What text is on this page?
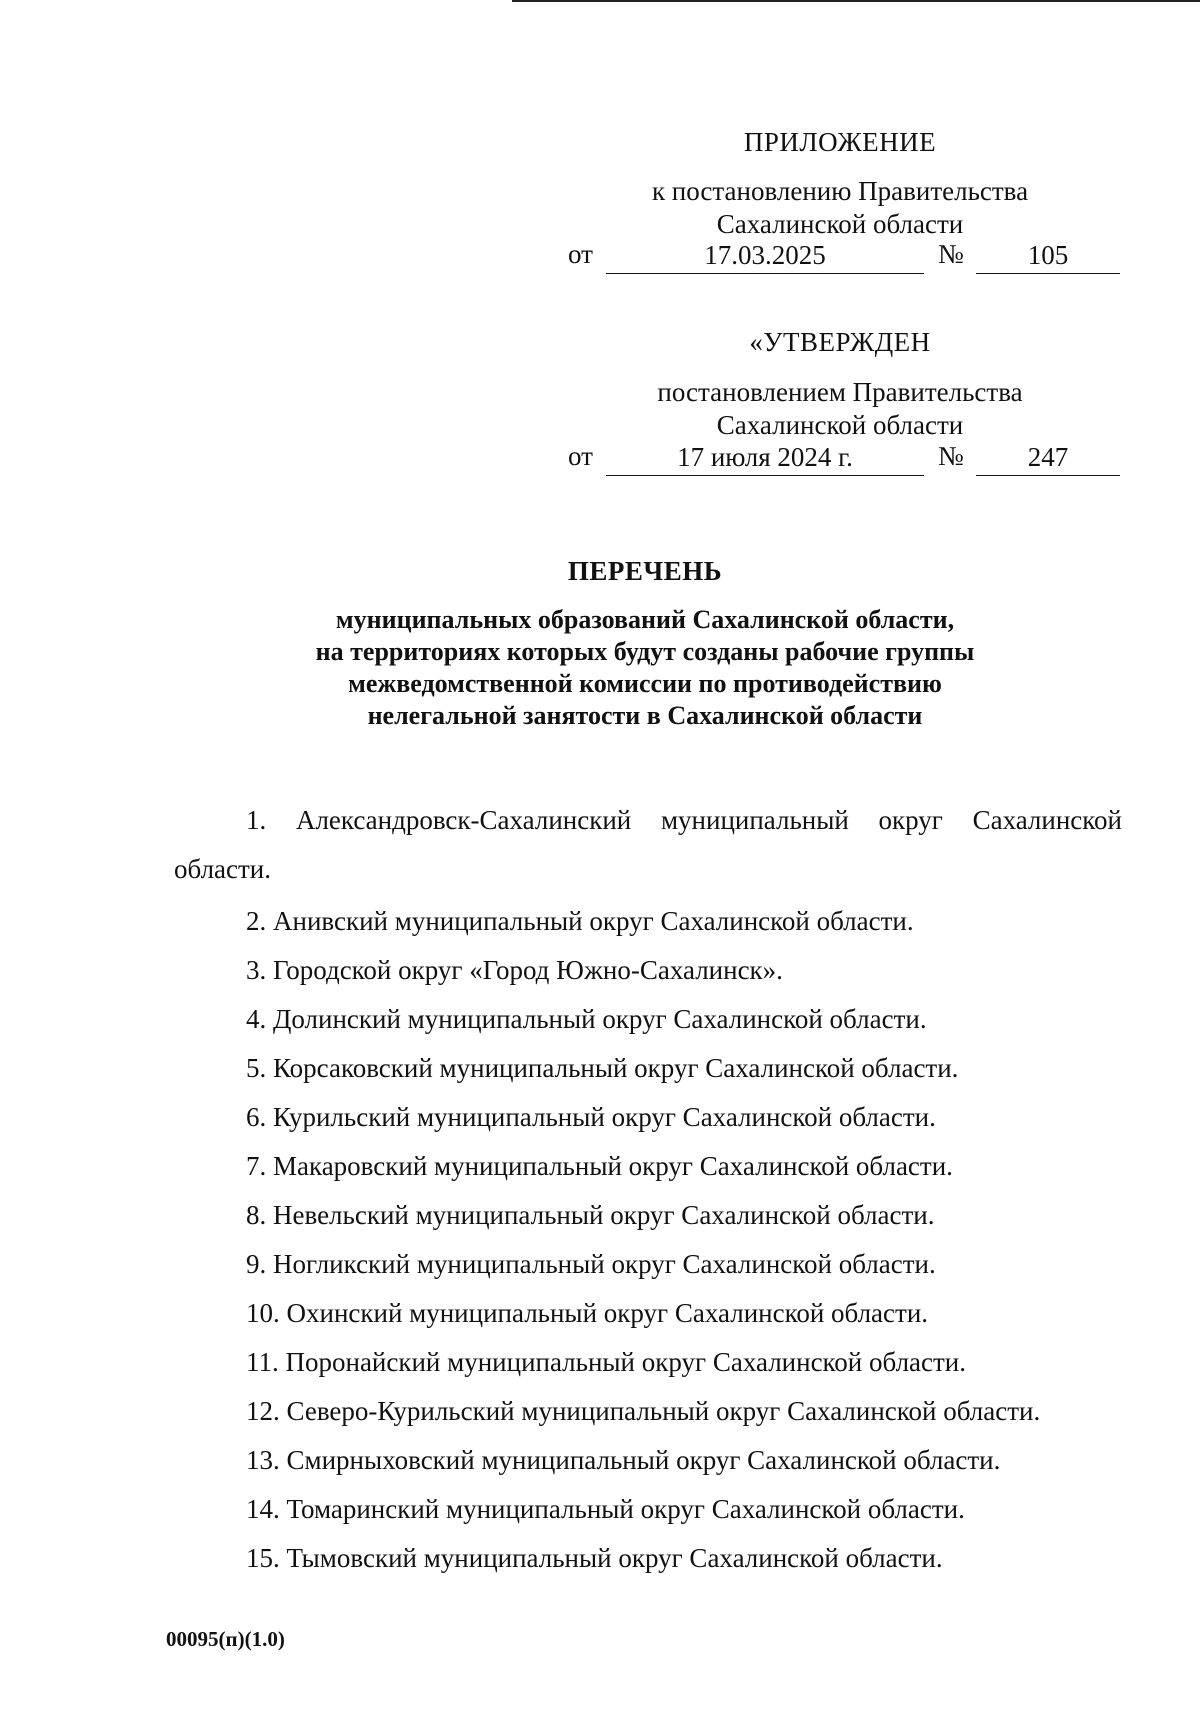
ПРИЛОЖЕНИЕ
к постановлению Правительства
Сахалинской области
от	17.03.2025	№	105
«УТВЕРЖДЕН
постановлением Правительства
Сахалинской области
от	17 июля 2024 г.	№	247
ПЕРЕЧЕНЬ
муниципальных образований Сахалинской области,
на территориях которых будут созданы рабочие группы
межведомственной комиссии по противодействию
нелегальной занятости в Сахалинской области
1. Александровск-Сахалинский муниципальный округ Сахалинской области.
2. Анивский муниципальный округ Сахалинской области.
3. Городской округ «Город Южно-Сахалинск».
4. Долинский муниципальный округ Сахалинской области.
5. Корсаковский муниципальный округ Сахалинской области.
6. Курильский муниципальный округ Сахалинской области.
7. Макаровский муниципальный округ Сахалинской области.
8. Невельский муниципальный округ Сахалинской области.
9. Ногликский муниципальный округ Сахалинской области.
10. Охинский муниципальный округ Сахалинской области.
11. Поронайский муниципальный округ Сахалинской области.
12. Северо-Курильский муниципальный округ Сахалинской области.
13. Смирныховский муниципальный округ Сахалинской области.
14. Томаринский муниципальный округ Сахалинской области.
15. Тымовский муниципальный округ Сахалинской области.
00095(п)(1.0)
